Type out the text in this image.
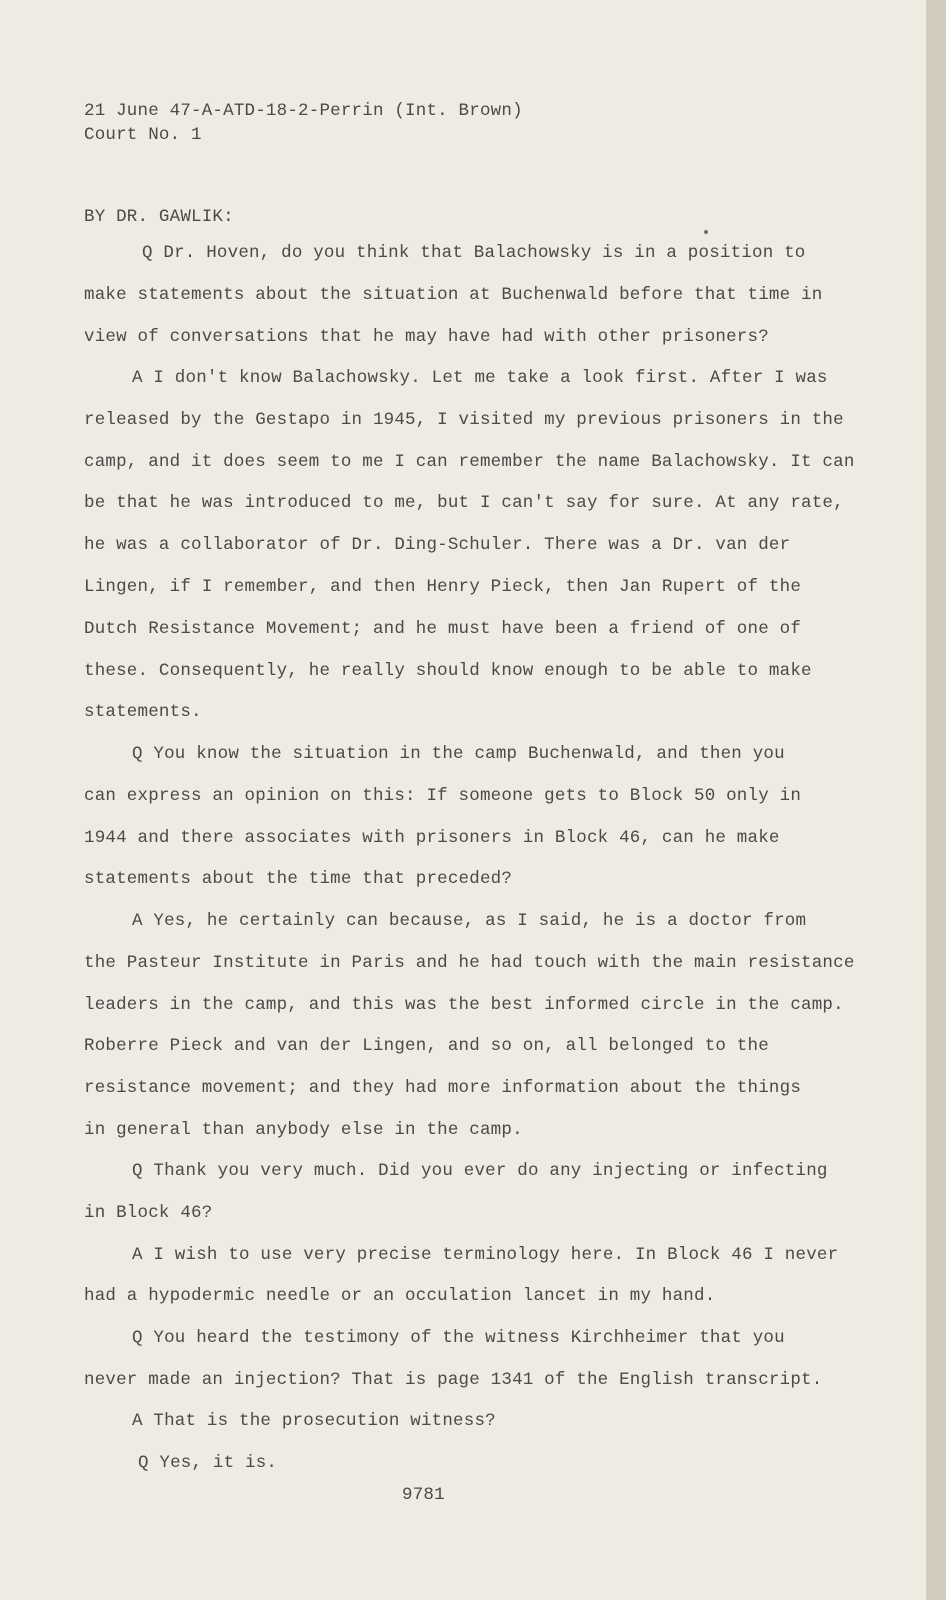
21 June 47-A-ATD-18-2-Perrin (Int. Brown)
Court No. 1
BY DR. GAWLIK:
Q Dr. Hoven, do you think that Balachowsky is in a position to
make statements about the situation at Buchenwald before that time in
view of conversations that he may have had with other prisoners?
A I don't know Balachowsky. Let me take a look first. After I was
released by the Gestapo in 1945, I visited my previous prisoners in the
camp, and it does seem to me I can remember the name Balachowsky. It can
be that he was introduced to me, but I can't say for sure. At any rate,
he was a collaborator of Dr. Ding-Schuler. There was a Dr. van der
Lingen, if I remember, and then Henry Pieck, then Jan Rupert of the
Dutch Resistance Movement; and he must have been a friend of one of
these. Consequently, he really should know enough to be able to make
statements.
Q You know the situation in the camp Buchenwald, and then you
can express an opinion on this: If someone gets to Block 50 only in
1944 and there associates with prisoners in Block 46, can he make
statements about the time that preceded?
A Yes, he certainly can because, as I said, he is a doctor from
the Pasteur Institute in Paris and he had touch with the main resistance
leaders in the camp, and this was the best informed circle in the camp.
Roberre Pieck and van der Lingen, and so on, all belonged to the
resistance movement; and they had more information about the things
in general than anybody else in the camp.
Q Thank you very much. Did you ever do any injecting or infecting
in Block 46?
A I wish to use very precise terminology here. In Block 46 I never
had a hypodermic needle or an occulation lancet in my hand.
Q You heard the testimony of the witness Kirchheimer that you
never made an injection? That is page 1341 of the English transcript.
A That is the prosecution witness?
Q Yes, it is.
9781
